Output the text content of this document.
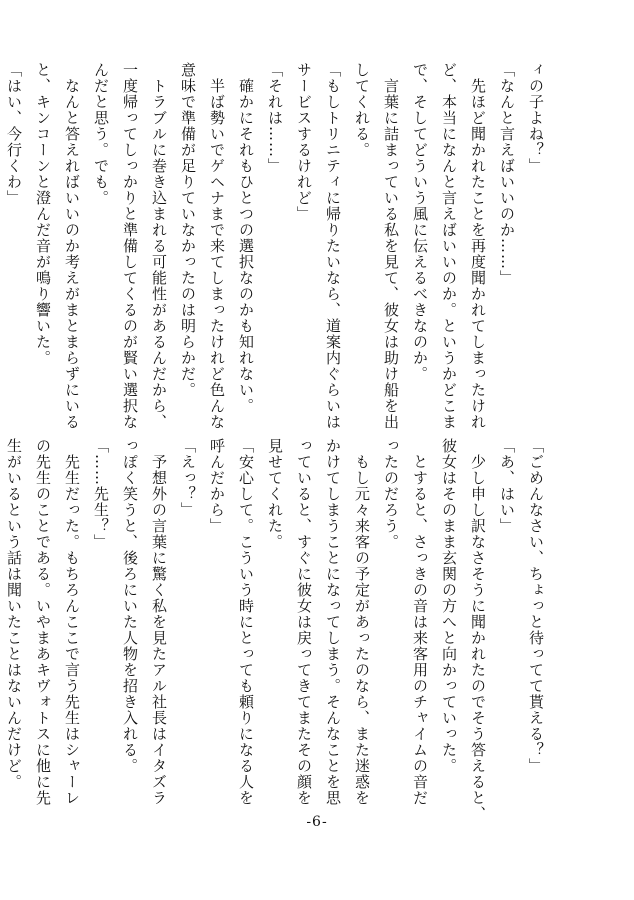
ィの子よね？」
「なんと言えばいいのか……」
　先ほど聞かれたことを再度聞かれてしまったけれ
ど、本当になんと言えばいいのか。というかどこま
で、そしてどういう風に伝えるべきなのか。
　言葉に詰まっている私を見て、彼女は助け船を出
してくれる。
「もしトリニティに帰りたいなら、道案内ぐらいは
サービスするけれど」
「それは……」
　確かにそれもひとつの選択なのかも知れない。
　半ば勢いでゲヘナまで来てしまったけれど色んな
意味で準備が足りていなかったのは明らかだ。
　トラブルに巻き込まれる可能性があるんだから、
一度帰ってしっかりと準備してくるのが賢い選択な
んだと思う。でも。
　なんと答えればいいのか考えがまとまらずにいる
と、キンコーンと澄んだ音が鳴り響いた。
「はい、今行くわ」
「ごめんなさい、ちょっと待ってて貰える？」
「あ、はい」
　少し申し訳なさそうに聞かれたのでそう答えると、
彼女はそのまま玄関の方へと向かっていった。
　とすると、さっきの音は来客用のチャイムの音だ
ったのだろう。
　もし元々来客の予定があったのなら、また迷惑を
かけてしまうことになってしまう。そんなことを思
っていると、すぐに彼女は戻ってきてまたその顔を
見せてくれた。
「安心して。こういう時にとっても頼りになる人を
呼んだから」
「えっ？」
　予想外の言葉に驚く私を見たアル社長はイタズラ
っぽく笑うと、後ろにいた人物を招き入れる。
「……先生？」
　先生だった。もちろんここで言う先生はシャーレ
の先生のことである。いやまあキヴォトスに他に先
生がいるという話は聞いたことはないんだけど。
-6-
